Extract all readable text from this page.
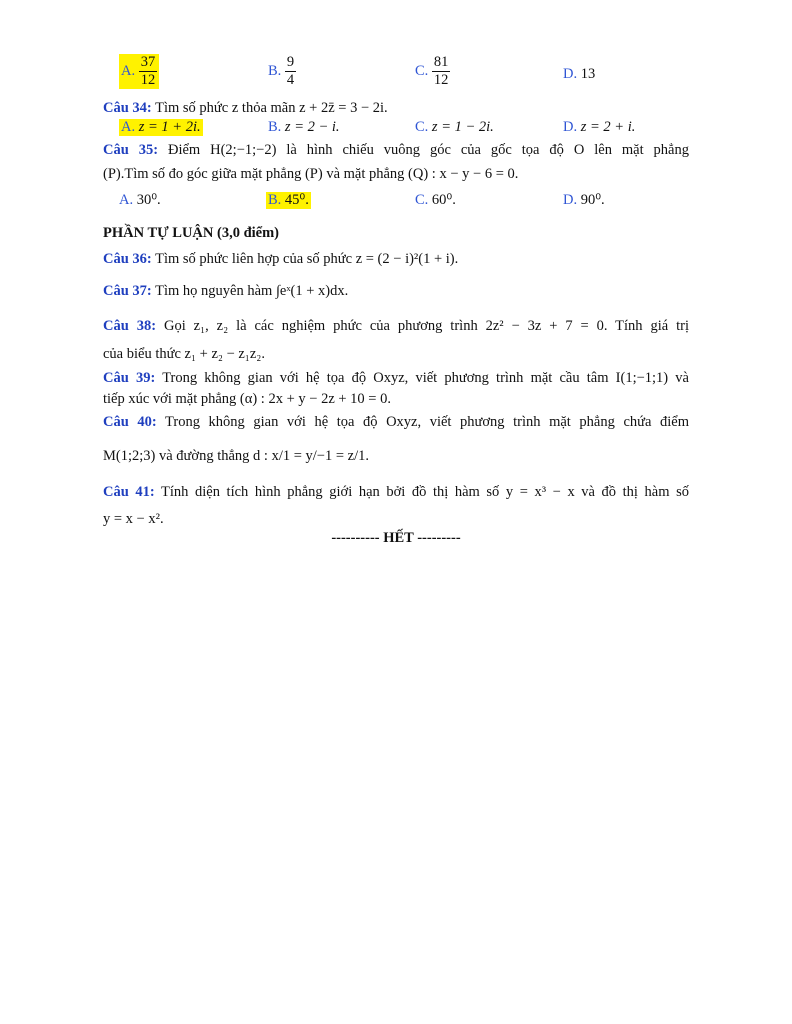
A. $\frac{37}{12}$	B. $\frac{9}{4}$	C. $\frac{81}{12}$	D. 13
Câu 34: Tìm số phức z thỏa mãn z + 2z̄ = 3 − 2i.
A. z = 1 + 2i.	B. z = 2 − i.	C. z = 1 − 2i.	D. z = 2 + i.
Câu 35: Điểm H(2;−1;−2) là hình chiếu vuông góc của gốc tọa độ O lên mặt phẳng
(P).Tìm số đo góc giữa mặt phẳng (P) và mặt phẳng (Q) : x − y − 6 = 0.
A. 30⁰.	B. 45⁰.	C. 60⁰.	D. 90⁰.
PHẦN TỰ LUẬN (3,0 điểm)
Câu 36: Tìm số phức liên hợp của số phức z = (2 − i)²(1 + i).
Câu 37: Tìm họ nguyên hàm ∫eˣ(1 + x)dx.
Câu 38: Gọi z₁, z₂ là các nghiệm phức của phương trình 2z² − 3z + 7 = 0. Tính giá trị
của biểu thức z₁ + z₂ − z₁z₂.
Câu 39: Trong không gian với hệ tọa độ Oxyz, viết phương trình mặt cầu tâm I(1;−1;1) và
tiếp xúc với mặt phẳng (α) : 2x + y − 2z + 10 = 0.
Câu 40: Trong không gian với hệ tọa độ Oxyz, viết phương trình mặt phẳng chứa điểm
M(1;2;3) và đường thẳng d : x/1 = y/−1 = z/1.
Câu 41: Tính diện tích hình phẳng giới hạn bởi đồ thị hàm số y = x³ − x và đồ thị hàm số
y = x − x².
---------- HẾT ---------
